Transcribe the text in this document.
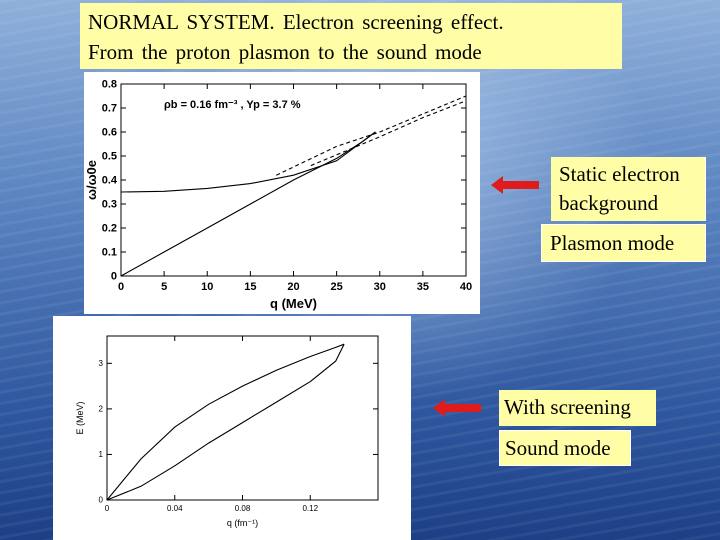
NORMAL SYSTEM. Electron screening effect.
From the proton plasmon to the sound mode
0	5	10	15	20	25	30	35	40
0
0.1
0.2
0.3
0.4
0.5
0.6
0.7
0.8
q (MeV)
ω/ω0e
ρb = 0.16 fm⁻³ , Yp = 3.7 %
0	0.04	0.08	0.12
0
1
2
3
q (fm⁻¹)
E (MeV)
Static electron
background
Plasmon mode
With screening
Sound mode
